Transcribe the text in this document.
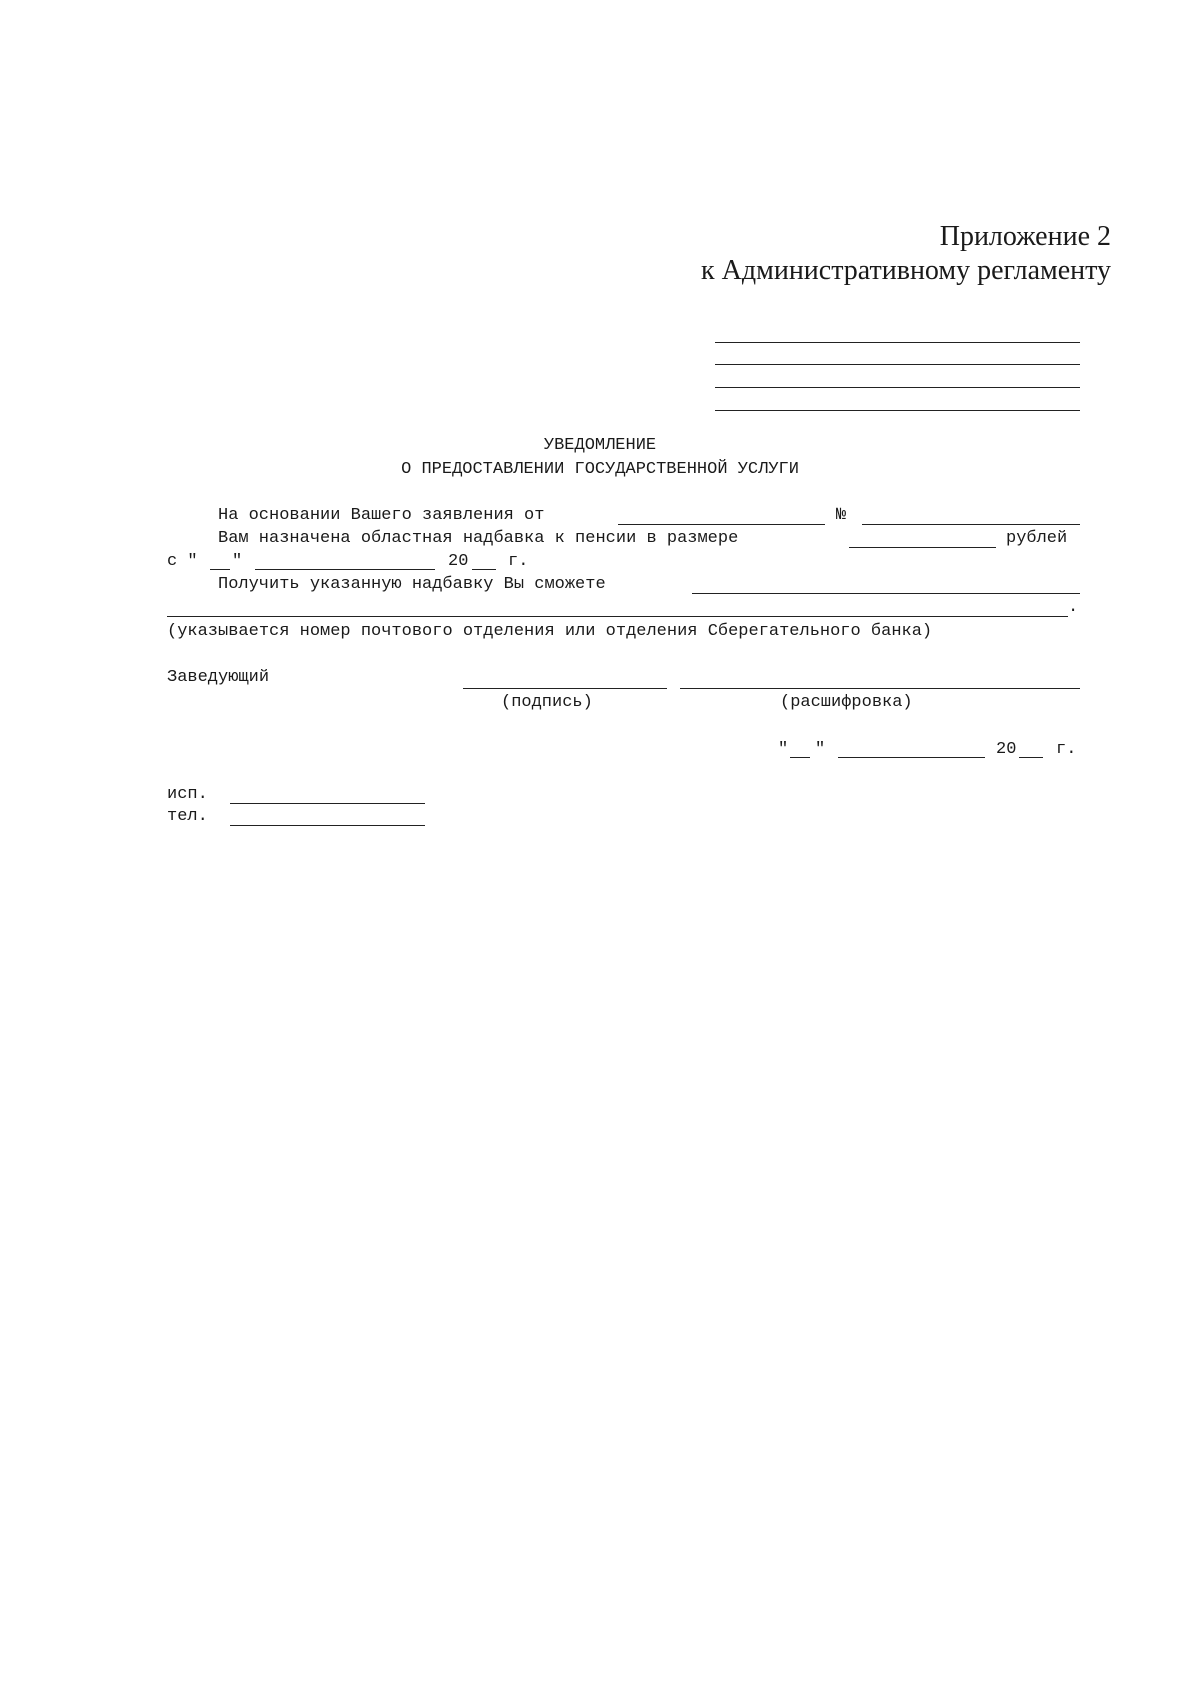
Приложение 2
к Административному регламенту
УВЕДОМЛЕНИЕ
О ПРЕДОСТАВЛЕНИИ ГОСУДАРСТВЕННОЙ УСЛУГИ
На основании Вашего заявления от	№
Вам назначена областная надбавка к пенсии в размере	рублей
с " "	20 г.
Получить указанную надбавку Вы сможете
.
(указывается номер почтового отделения или отделения Сберегательного банка)
Заведующий
(подпись)	(расшифровка)
" "	20 г.
исп.
тел.
